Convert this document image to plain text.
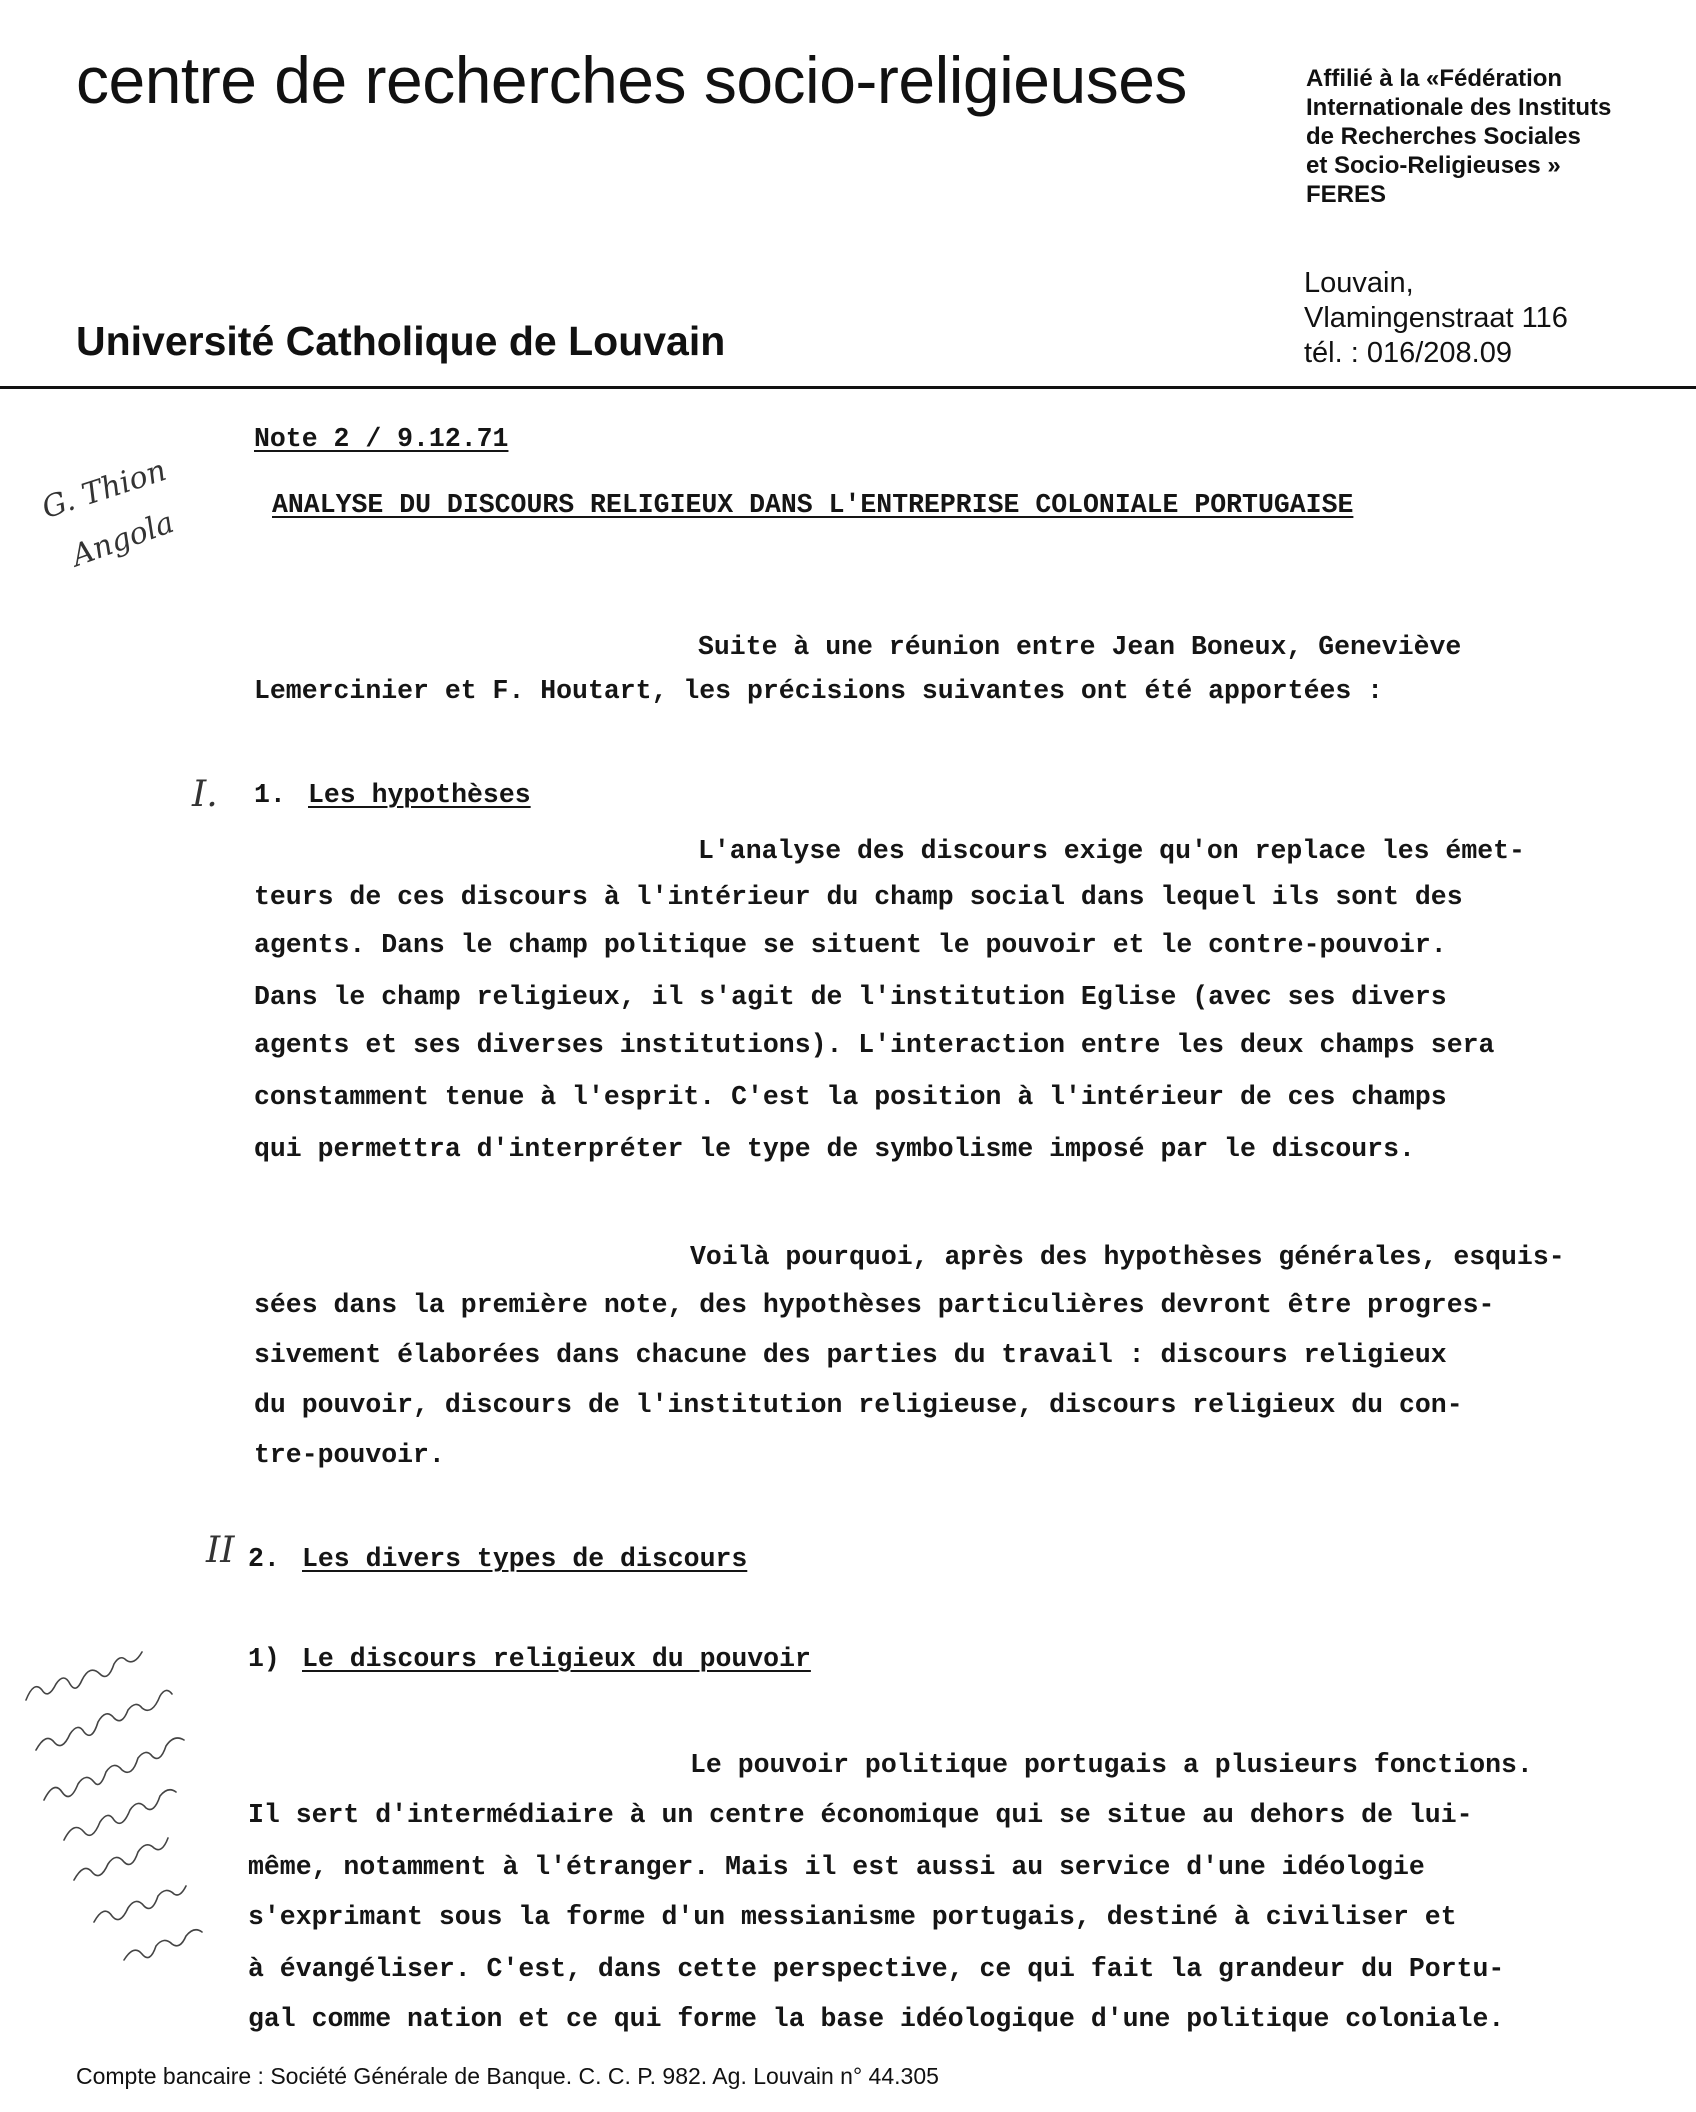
centre de recherches socio-religieuses	Affilié à la «Fédération
Internationale des Instituts
de Recherches Sociales
et Socio-Religieuses »
FERES
Université Catholique de Louvain
Louvain,
Vlamingenstraat 116
tél. : 016/208.09
Note 2 / 9.12.71
ANALYSE DU DISCOURS RELIGIEUX DANS L'ENTREPRISE COLONIALE PORTUGAISE
G. Thion
Angola
Suite à une réunion entre Jean Boneux, Geneviève
Lemercinier et F. Houtart, les précisions suivantes ont été apportées :
I. 1. Les hypothèses
L'analyse des discours exige qu'on replace les émet-
teurs de ces discours à l'intérieur du champ social dans lequel ils sont des
agents. Dans le champ politique se situent le pouvoir et le contre-pouvoir.
Dans le champ religieux, il s'agit de l'institution Eglise (avec ses divers
agents et ses diverses institutions). L'interaction entre les deux champs sera
constamment tenue à l'esprit. C'est la position à l'intérieur de ces champs
qui permettra d'interpréter le type de symbolisme imposé par le discours.
Voilà pourquoi, après des hypothèses générales, esquis-
sées dans la première note, des hypothèses particulières devront être progres-
sivement élaborées dans chacune des parties du travail : discours religieux
du pouvoir, discours de l'institution religieuse, discours religieux du con-
tre-pouvoir.
II 2. Les divers types de discours
1) Le discours religieux du pouvoir
Le pouvoir politique portugais a plusieurs fonctions.
Il sert d'intermédiaire à un centre économique qui se situe au dehors de lui-
même, notamment à l'étranger. Mais il est aussi au service d'une idéologie
s'exprimant sous la forme d'un messianisme portugais, destiné à civiliser et
à évangéliser. C'est, dans cette perspective, ce qui fait la grandeur du Portu-
gal comme nation et ce qui forme la base idéologique d'une politique coloniale.
Compte bancaire : Société Générale de Banque. C. C. P. 982. Ag. Louvain n° 44.305
